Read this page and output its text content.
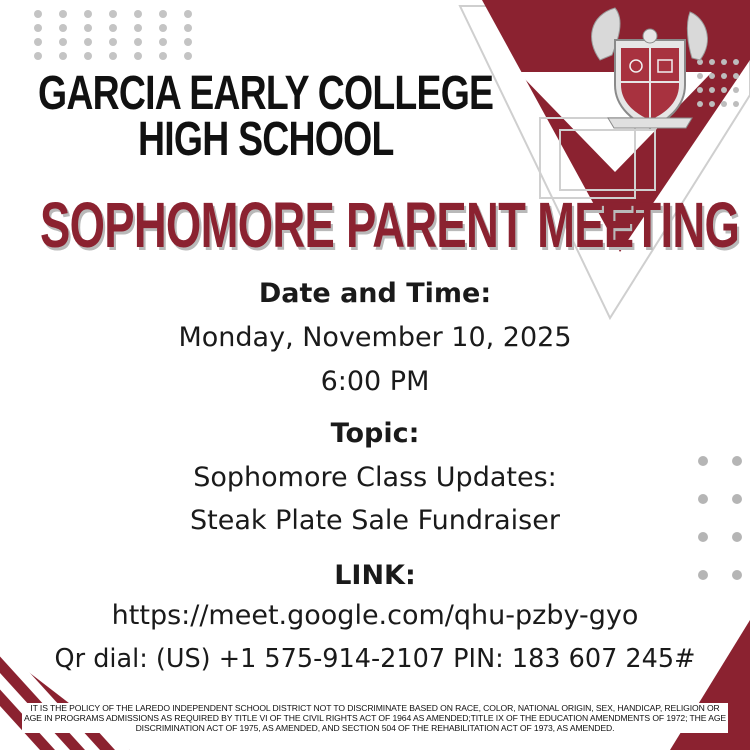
GARCIA EARLY COLLEGE
HIGH SCHOOL
SOPHOMORE PARENT MEETING
Date and Time:
Monday, November 10, 2025
6:00 PM
Topic:
Sophomore Class Updates:
Steak Plate Sale Fundraiser
LINK:
https://meet.google.com/qhu-pzby-gyo
Qr dial: (US) +1 575-914-2107 PIN: 183 607 245#
IT IS THE POLICY OF THE LAREDO INDEPENDENT SCHOOL DISTRICT NOT TO DISCRIMINATE BASED ON RACE, COLOR, NATIONAL ORIGIN, SEX, HANDICAP, RELIGION OR AGE IN PROGRAMS ADMISSIONS AS REQUIRED BY TITLE VI OF THE CIVIL RIGHTS ACT OF 1964 AS AMENDED;TITLE IX OF THE EDUCATION AMENDMENTS OF 1972; THE AGE DISCRIMINATION ACT OF 1975, AS AMENDED, AND SECTION 504 OF THE REHABILITATION ACT OF 1973, AS AMENDED.
